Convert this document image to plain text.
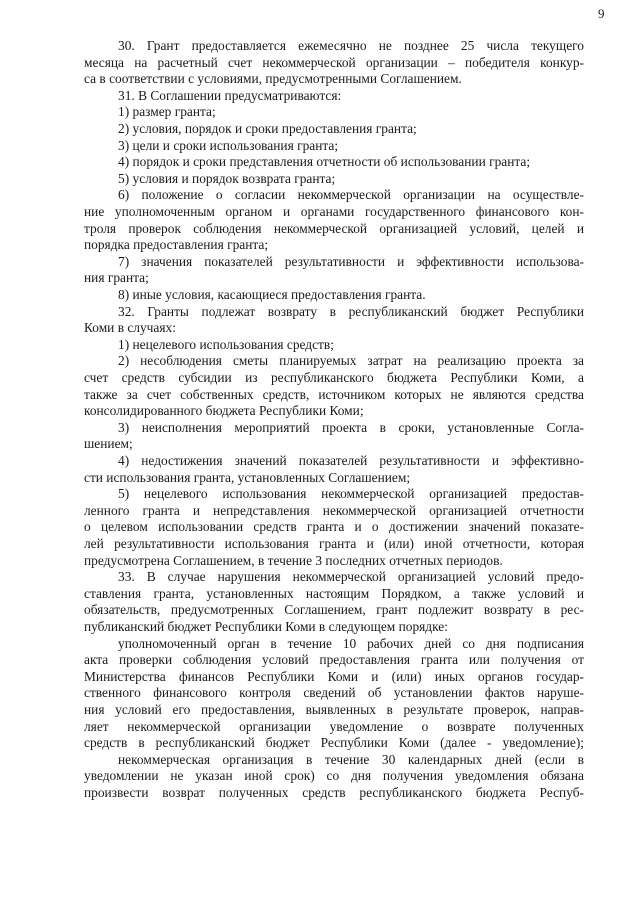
9
30. Грант предоставляется ежемесячно не позднее 25 числа текущего
месяца на расчетный счет некоммерческой организации – победителя конкур-
са в соответствии с условиями, предусмотренными Соглашением.
31. В Соглашении предусматриваются:
1) размер гранта;
2) условия, порядок и сроки предоставления гранта;
3) цели и сроки использования гранта;
4) порядок и сроки представления отчетности об использовании гранта;
5) условия и порядок возврата гранта;
6) положение о согласии некоммерческой организации на осуществле-
ние уполномоченным органом и органами государственного финансового кон-
троля проверок соблюдения некоммерческой организацией условий, целей и
порядка предоставления гранта;
7) значения показателей результативности и эффективности использова-
ния гранта;
8) иные условия, касающиеся предоставления гранта.
32. Гранты подлежат возврату в республиканский бюджет Республики
Коми в случаях:
1) нецелевого использования средств;
2) несоблюдения сметы планируемых затрат на реализацию проекта за
счет средств субсидии из республиканского бюджета Республики Коми, а
также за счет собственных средств, источником которых не являются средства
консолидированного бюджета Республики Коми;
3) неисполнения мероприятий проекта в сроки, установленные Согла-
шением;
4) недостижения значений показателей результативности и эффективно-
сти использования гранта, установленных Соглашением;
5) нецелевого использования некоммерческой организацией предостав-
ленного гранта и непредставления некоммерческой организацией отчетности
о целевом использовании средств гранта и о достижении значений показате-
лей результативности использования гранта и (или) иной отчетности, которая
предусмотрена Соглашением, в течение 3 последних отчетных периодов.
33. В случае нарушения некоммерческой организацией условий предо-
ставления гранта, установленных настоящим Порядком, а также условий и
обязательств, предусмотренных Соглашением, грант подлежит возврату в рес-
публиканский бюджет Республики Коми в следующем порядке:
уполномоченный орган в течение 10 рабочих дней со дня подписания
акта проверки соблюдения условий предоставления гранта или получения от
Министерства финансов Республики Коми и (или) иных органов государ-
ственного финансового контроля сведений об установлении фактов наруше-
ния условий его предоставления, выявленных в результате проверок, направ-
ляет некоммерческой организации уведомление о возврате полученных
средств в республиканский бюджет Республики Коми (далее - уведомление);
некоммерческая организация в течение 30 календарных дней (если в
уведомлении не указан иной срок) со дня получения уведомления обязана
произвести возврат полученных средств республиканского бюджета Респуб-
